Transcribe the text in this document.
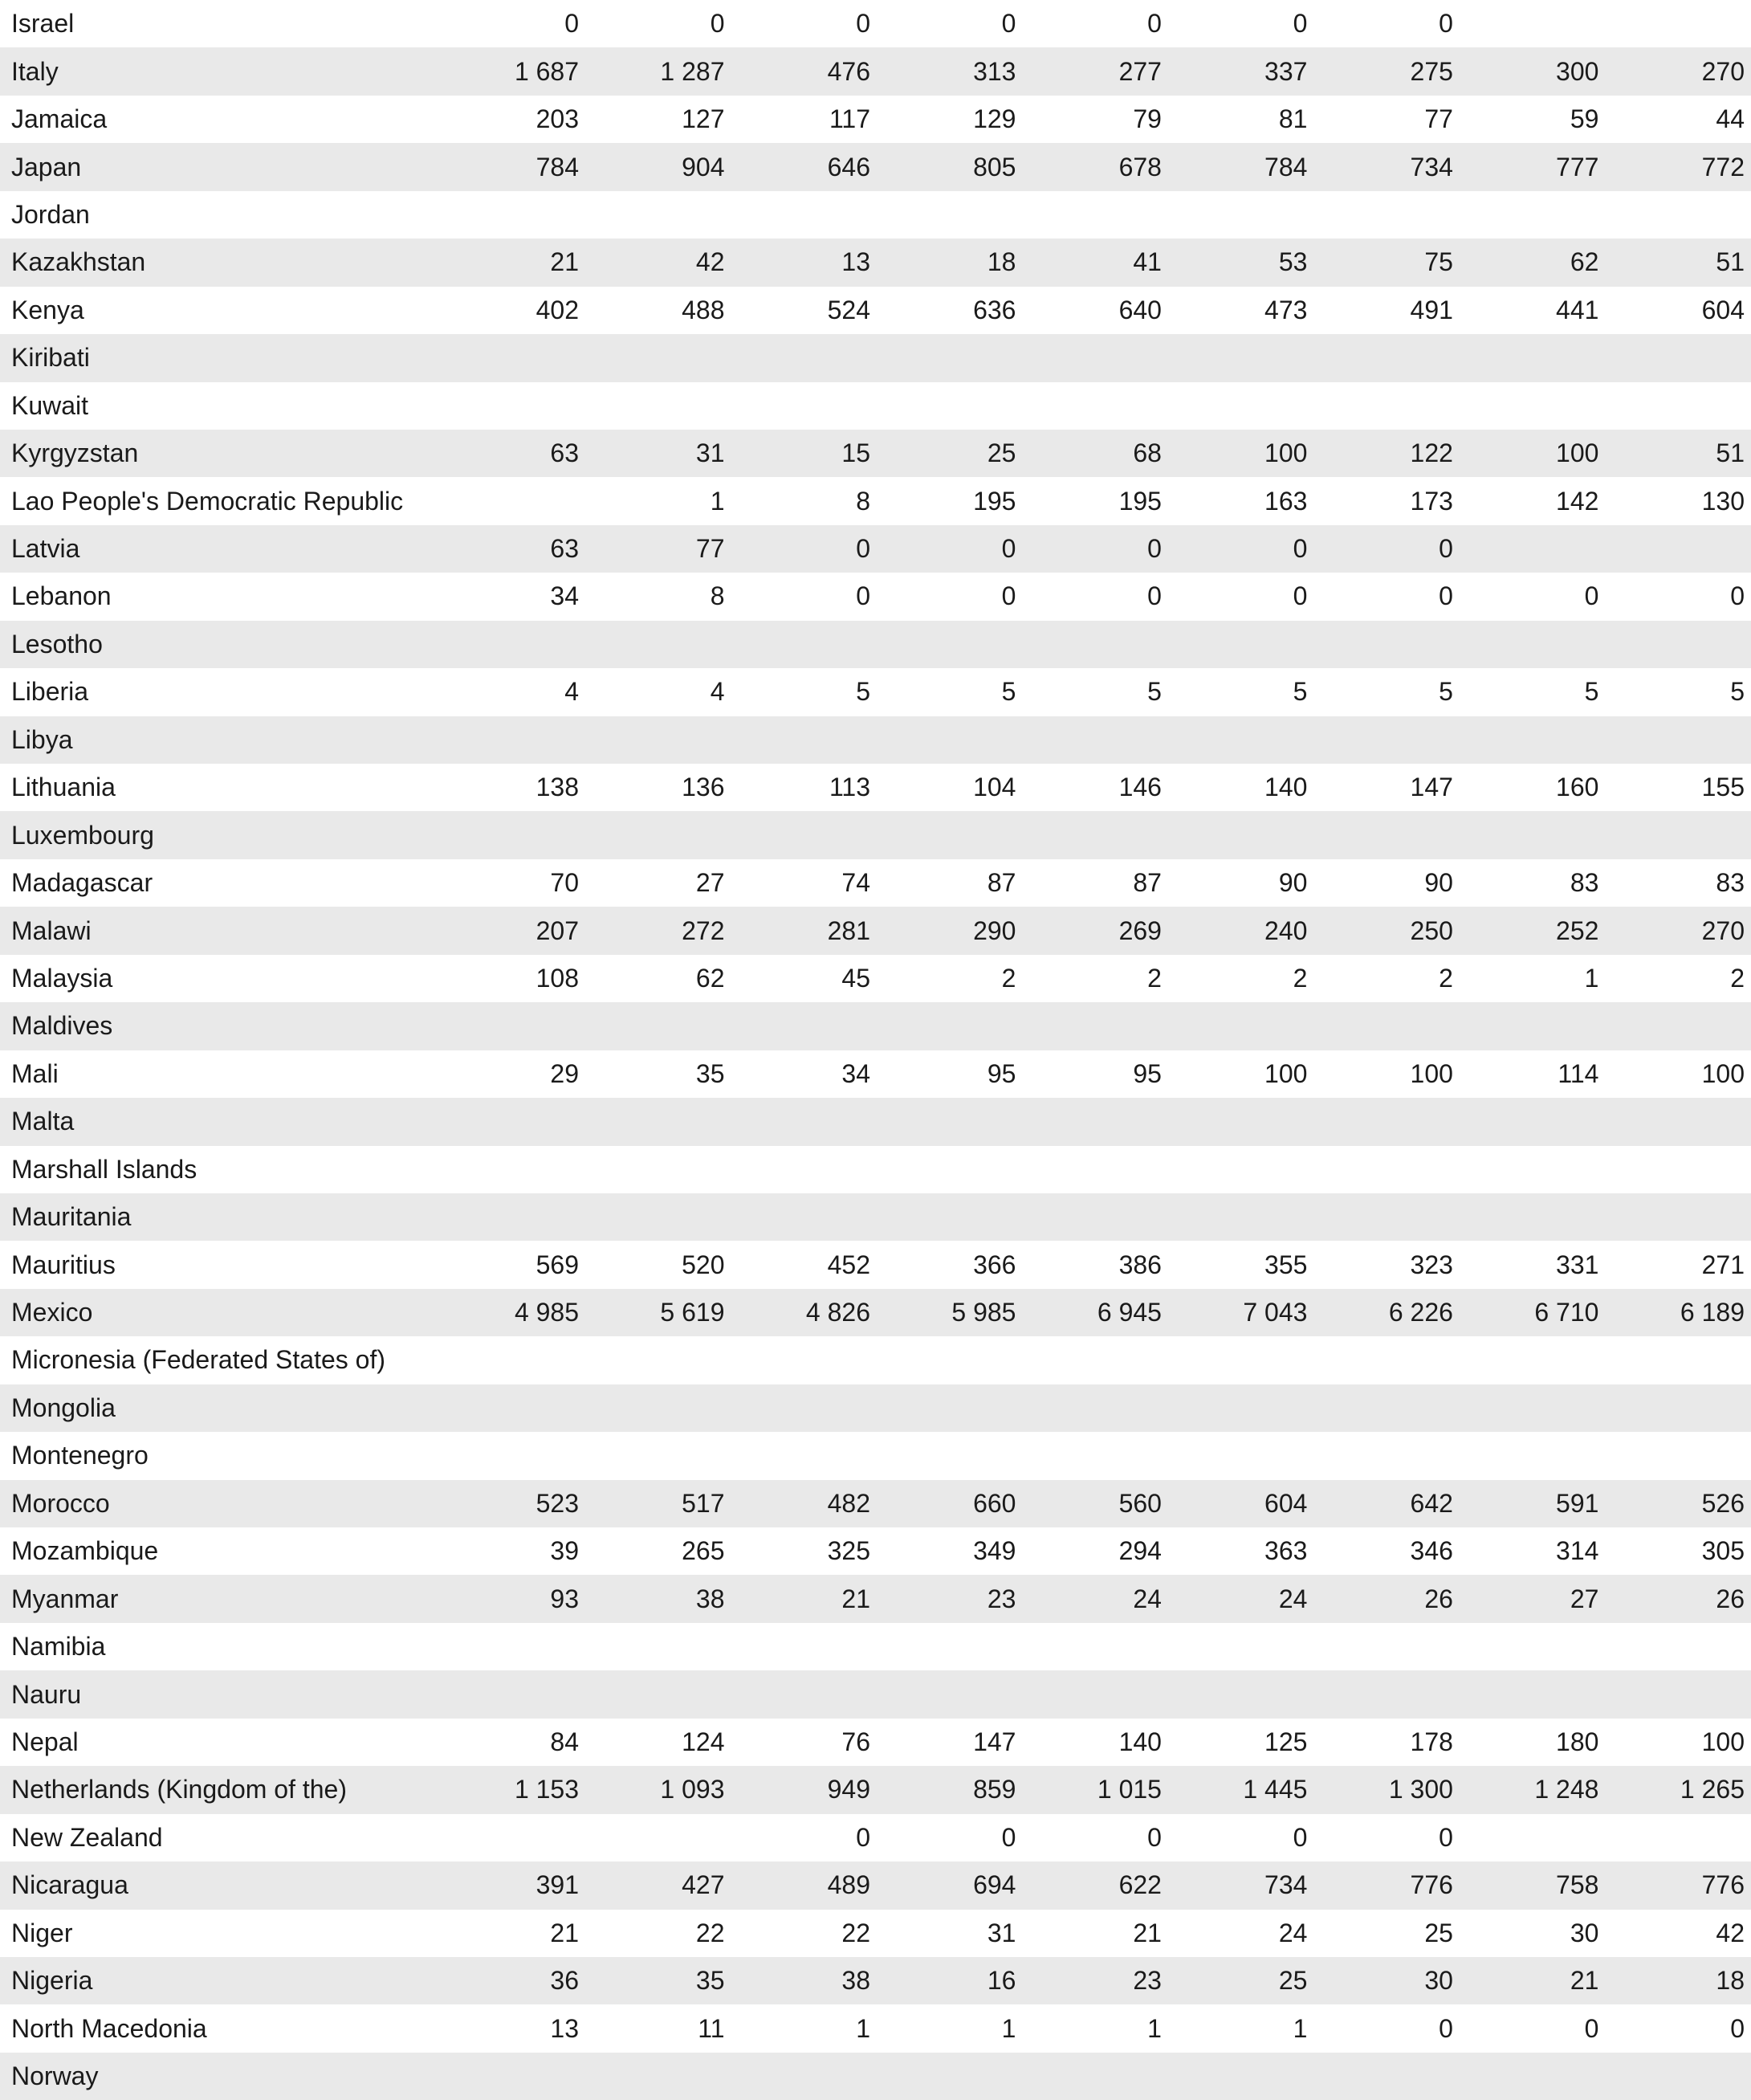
Israel	0	0	0	0	0	0	0		
Italy	1 687	1 287	476	313	277	337	275	300	270
Jamaica	203	127	117	129	79	81	77	59	44
Japan	784	904	646	805	678	784	734	777	772
Jordan									
Kazakhstan	21	42	13	18	41	53	75	62	51
Kenya	402	488	524	636	640	473	491	441	604
Kiribati									
Kuwait									
Kyrgyzstan	63	31	15	25	68	100	122	100	51
Lao People's Democratic Republic		1	8	195	195	163	173	142	130
Latvia	63	77	0	0	0	0	0		
Lebanon	34	8	0	0	0	0	0	0	0
Lesotho									
Liberia	4	4	5	5	5	5	5	5	5
Libya									
Lithuania	138	136	113	104	146	140	147	160	155
Luxembourg									
Madagascar	70	27	74	87	87	90	90	83	83
Malawi	207	272	281	290	269	240	250	252	270
Malaysia	108	62	45	2	2	2	2	1	2
Maldives									
Mali	29	35	34	95	95	100	100	114	100
Malta									
Marshall Islands									
Mauritania									
Mauritius	569	520	452	366	386	355	323	331	271
Mexico	4 985	5 619	4 826	5 985	6 945	7 043	6 226	6 710	6 189
Micronesia (Federated States of)									
Mongolia									
Montenegro									
Morocco	523	517	482	660	560	604	642	591	526
Mozambique	39	265	325	349	294	363	346	314	305
Myanmar	93	38	21	23	24	24	26	27	26
Namibia									
Nauru									
Nepal	84	124	76	147	140	125	178	180	100
Netherlands (Kingdom of the)	1 153	1 093	949	859	1 015	1 445	1 300	1 248	1 265
New Zealand			0	0	0	0	0		
Nicaragua	391	427	489	694	622	734	776	758	776
Niger	21	22	22	31	21	24	25	30	42
Nigeria	36	35	38	16	23	25	30	21	18
North Macedonia	13	11	1	1	1	1	0	0	0
Norway									
